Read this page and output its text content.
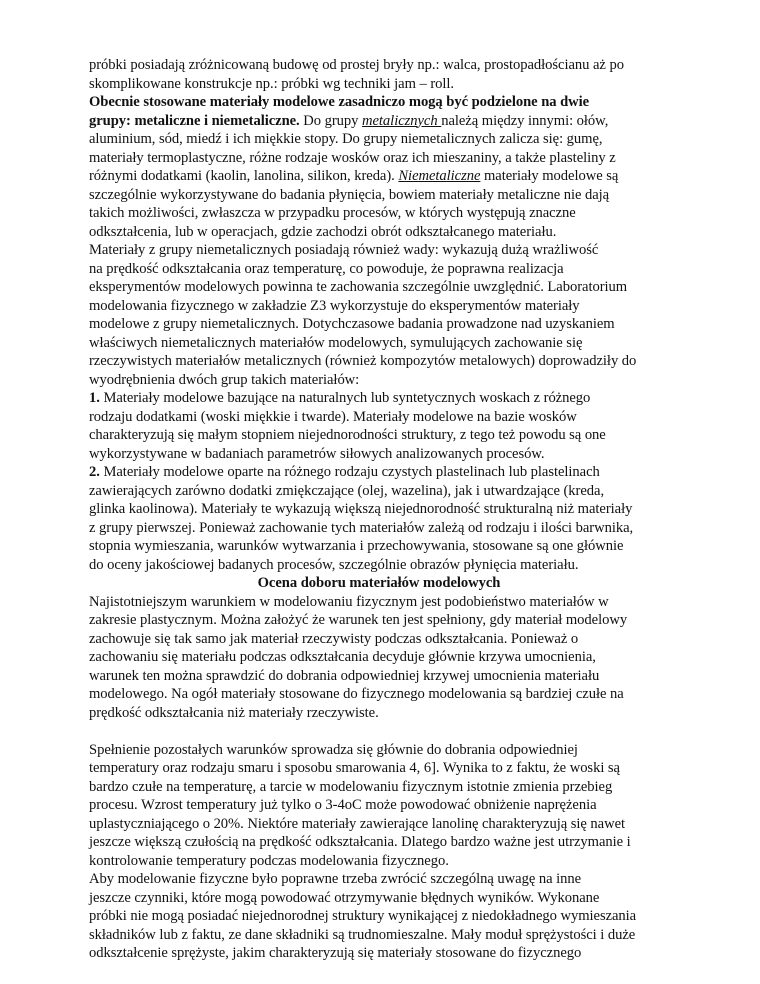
próbki posiadają zróżnicowaną budowę od prostej bryły np.: walca, prostopadłościanu aż po
skomplikowane konstrukcje np.: próbki wg techniki jam – roll.
Obecnie stosowane materiały modelowe zasadniczo mogą być podzielone na dwie
grupy: metaliczne i niemetaliczne. Do grupy metalicznych należą między innymi: ołów,
aluminium, sód, miedź i ich miękkie stopy. Do grupy niemetalicznych zalicza się: gumę,
materiały termoplastyczne, różne rodzaje wosków oraz ich mieszaniny, a także plasteliny z
różnymi dodatkami (kaolin, lanolina, silikon, kreda). Niemetaliczne materiały modelowe są
szczególnie wykorzystywane do badania płynięcia, bowiem materiały metaliczne nie dają
takich możliwości, zwłaszcza w przypadku procesów, w których występują znaczne
odkształcenia, lub w operacjach, gdzie zachodzi obrót odkształcanego materiału.
Materiały z grupy niemetalicznych posiadają również wady: wykazują dużą wrażliwość
na prędkość odkształcania oraz temperaturę, co powoduje, że poprawna realizacja
eksperymentów modelowych powinna te zachowania szczególnie uwzględnić. Laboratorium
modelowania fizycznego w zakładzie Z3 wykorzystuje do eksperymentów materiały
modelowe z grupy niemetalicznych. Dotychczasowe badania prowadzone nad uzyskaniem
właściwych niemetalicznych materiałów modelowych, symulujących zachowanie się
rzeczywistych materiałów metalicznych (również kompozytów metalowych) doprowadziły do
wyodrębnienia dwóch grup takich materiałów:
1. Materiały modelowe bazujące na naturalnych lub syntetycznych woskach z różnego
rodzaju dodatkami (woski miękkie i twarde). Materiały modelowe na bazie wosków
charakteryzują się małym stopniem niejednorodności struktury, z tego też powodu są one
wykorzystywane w badaniach parametrów siłowych analizowanych procesów.
2. Materiały modelowe oparte na różnego rodzaju czystych plastelinach lub plastelinach
zawierających zarówno dodatki zmiękczające (olej, wazelina), jak i utwardzające (kreda,
glinka kaolinowa). Materiały te wykazują większą niejednorodność strukturalną niż materiały
z grupy pierwszej. Ponieważ zachowanie tych materiałów zależą od rodzaju i ilości barwnika,
stopnia wymieszania, warunków wytwarzania i przechowywania, stosowane są one głównie
do oceny jakościowej badanych procesów, szczególnie obrazów płynięcia materiału.
Ocena doboru materiałów modelowych
Najistotniejszym warunkiem w modelowaniu fizycznym jest podobieństwo materiałów w
zakresie plastycznym. Można założyć że warunek ten jest spełniony, gdy materiał modelowy
zachowuje się tak samo jak materiał rzeczywisty podczas odkształcania. Ponieważ o
zachowaniu się materiału podczas odkształcania decyduje głównie krzywa umocnienia,
warunek ten można sprawdzić do dobrania odpowiedniej krzywej umocnienia materiału
modelowego. Na ogół materiały stosowane do fizycznego modelowania są bardziej czułe na
prędkość odkształcania niż materiały rzeczywiste.
Spełnienie pozostałych warunków sprowadza się głównie do dobrania odpowiedniej
temperatury oraz rodzaju smaru i sposobu smarowania 4, 6]. Wynika to z faktu, że woski są
bardzo czułe na temperaturę, a tarcie w modelowaniu fizycznym istotnie zmienia przebieg
procesu. Wzrost temperatury już tylko o 3-4oC może powodować obniżenie naprężenia
uplastyczniającego o 20%. Niektóre materiały zawierające lanolinę charakteryzują się nawet
jeszcze większą czułością na prędkość odkształcania. Dlatego bardzo ważne jest utrzymanie i
kontrolowanie temperatury podczas modelowania fizycznego.
Aby modelowanie fizyczne było poprawne trzeba zwrócić szczególną uwagę na inne
jeszcze czynniki, które mogą powodować otrzymywanie błędnych wyników. Wykonane
próbki nie mogą posiadać niejednorodnej struktury wynikającej z niedokładnego wymieszania
składników lub z faktu, ze dane składniki są trudnomieszalne. Mały moduł sprężystości i duże
odkształcenie sprężyste, jakim charakteryzują się materiały stosowane do fizycznego
